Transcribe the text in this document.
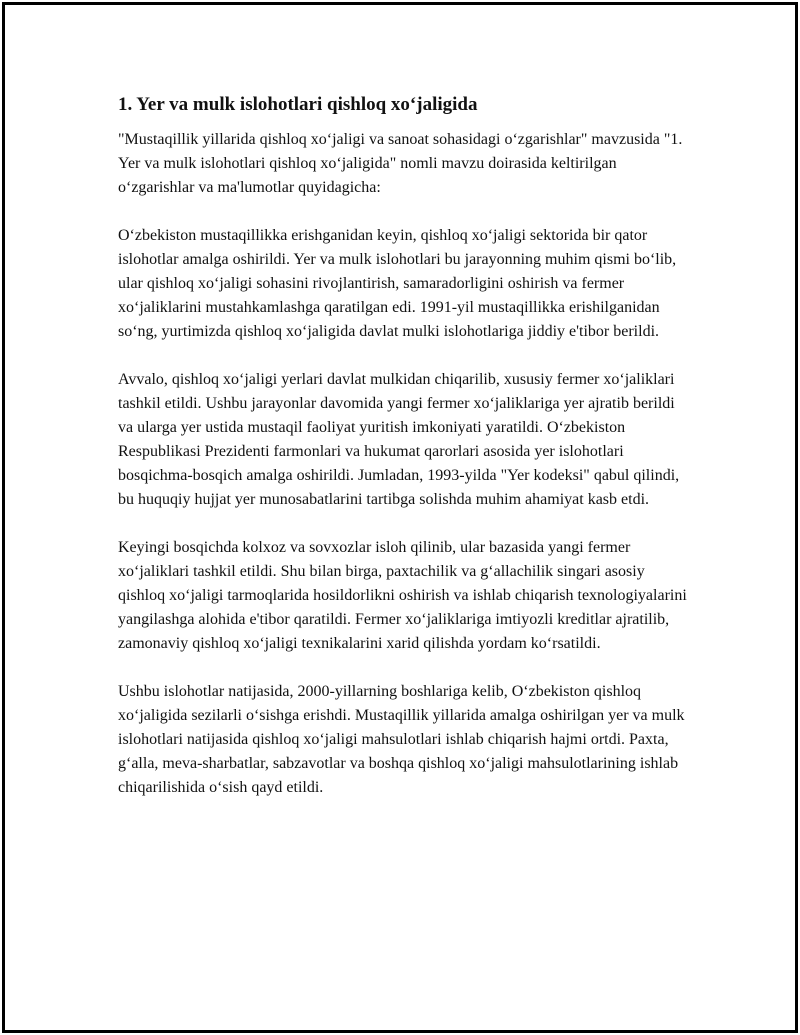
1. Yer va mulk islohotlari qishloq xoʻjaligida

"Mustaqillik yillarida qishloq xoʻjaligi va sanoat sohasidagi oʻzgarishlar" mavzusida "1. Yer va mulk islohotlari qishloq xoʻjaligida" nomli mavzu doirasida keltirilgan oʻzgarishlar va ma'lumotlar quyidagicha:

Oʻzbekiston mustaqillikka erishganidan keyin, qishloq xoʻjaligi sektorida bir qator islohotlar amalga oshirildi. Yer va mulk islohotlari bu jarayonning muhim qismi boʻlib, ular qishloq xoʻjaligi sohasini rivojlantirish, samaradorligini oshirish va fermer xoʻjaliklarini mustahkamlashga qaratilgan edi. 1991-yil mustaqillikka erishilganidan soʻng, yurtimizda qishloq xoʻjaligida davlat mulki islohotlariga jiddiy e'tibor berildi.

Avvalo, qishloq xoʻjaligi yerlari davlat mulkidan chiqarilib, xususiy fermer xoʻjaliklari tashkil etildi. Ushbu jarayonlar davomida yangi fermer xoʻjaliklariga yer ajratib berildi va ularga yer ustida mustaqil faoliyat yuritish imkoniyati yaratildi. Oʻzbekiston Respublikasi Prezidenti farmonlari va hukumat qarorlari asosida yer islohotlari bosqichma-bosqich amalga oshirildi. Jumladan, 1993-yilda "Yer kodeksi" qabul qilindi, bu huquqiy hujjat yer munosabatlarini tartibga solishda muhim ahamiyat kasb etdi.

Keyingi bosqichda kolxoz va sovxozlar isloh qilinib, ular bazasida yangi fermer xoʻjaliklari tashkil etildi. Shu bilan birga, paxtachilik va gʻallachilik singari asosiy qishloq xoʻjaligi tarmoqlarida hosildorlikni oshirish va ishlab chiqarish texnologiyalarini yangilashga alohida e'tibor qaratildi. Fermer xoʻjaliklariga imtiyozli kreditlar ajratilib, zamonaviy qishloq xoʻjaligi texnikalarini xarid qilishda yordam koʻrsatildi.

Ushbu islohotlar natijasida, 2000-yillarning boshlariga kelib, Oʻzbekiston qishloq xoʻjaligida sezilarli oʻsishga erishdi. Mustaqillik yillarida amalga oshirilgan yer va mulk islohotlari natijasida qishloq xoʻjaligi mahsulotlari ishlab chiqarish hajmi ortdi. Paxta, gʻalla, meva-sharbatlar, sabzavotlar va boshqa qishloq xoʻjaligi mahsulotlarining ishlab chiqarilishida oʻsish qayd etildi.
